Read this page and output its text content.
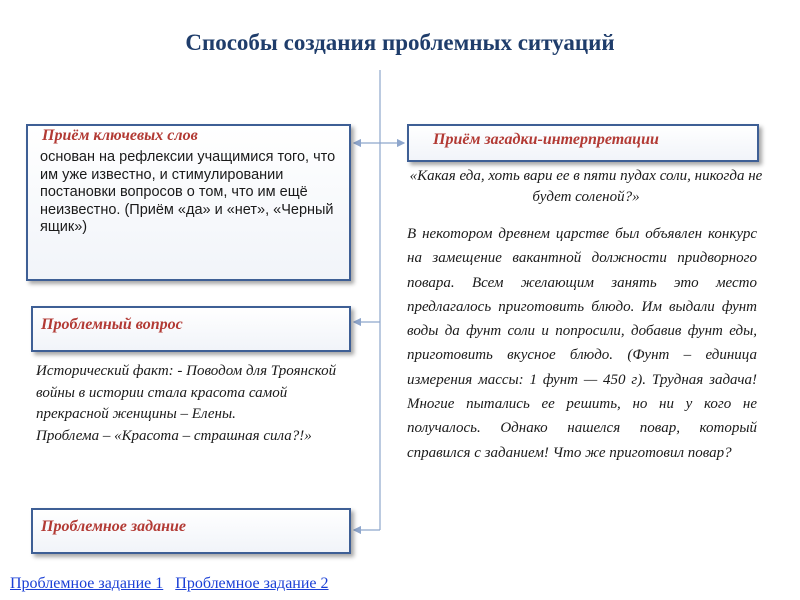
Способы создания проблемных ситуаций
Приём ключевых слов
основан на рефлексии учащимися того, что им уже известно, и стимулировании постановки вопросов о том, что им ещё неизвестно. (Приём «да» и «нет», «Черный ящик»)
Приём загадки-интерпретации
«Какая еда, хоть вари ее в пяти пудах соли, никогда не будет соленой?»
В некотором древнем царстве был объявлен конкурс на замещение вакантной должности придворного повара. Всем желающим занять это место предлагалось приготовить блюдо. Им выдали фунт воды да фунт соли и попросили, добавив фунт еды, приготовить вкусное блюдо. (Фунт – единица измерения массы: 1 фунт — 450 г). Трудная задача! Многие пытались ее решить, но ни у кого не получалось. Однако нашелся повар, который справился с заданием! Что же приготовил повар?
Проблемный вопрос
Исторический факт: - Поводом для Троянской войны в истории стала красота самой прекрасной женщины – Елены.
Проблема – «Красота – страшная сила?!»
Проблемное задание
Проблемное задание 1 Проблемное задание 2
